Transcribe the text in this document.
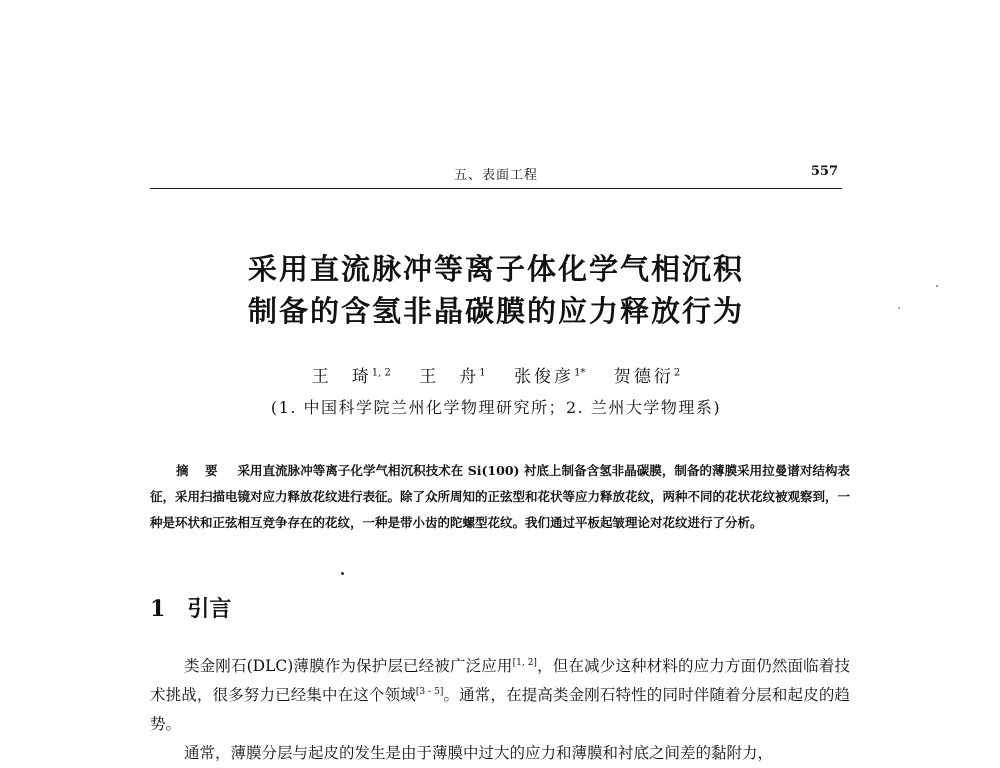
五、表面工程	557
采用直流脉冲等离子体化学气相沉积
制备的含氢非晶碳膜的应力释放行为
王　琦$^{1, 2}$ 王　舟$^1$ 张俊彦$^{1*}$ 贺德衍$^2$
(1. 中国科学院兰州化学物理研究所；2. 兰州大学物理系)
摘 要 采用直流脉冲等离子化学气相沉积技术在 Si(100) 衬底上制备含氢非晶碳膜，制备的薄膜采用拉曼谱对结构表征，采用扫描电镜对应力释放花纹进行表征。除了众所周知的正弦型和花状等应力释放花纹，两种不同的花状花纹被观察到，一种是环状和正弦相互竞争存在的花纹，一种是带小齿的陀螺型花纹。我们通过平板起皱理论对花纹进行了分析。
1 引言

类金刚石(DLC)薄膜作为保护层已经被广泛应用[1, 2]，但在减少这种材料的应力方面仍然面临着技术挑战，很多努力已经集中在这个领域[3 - 5]。通常，在提高类金刚石特性的同时伴随着分层和起皮的趋势。

通常，薄膜分层与起皮的发生是由于薄膜中过大的应力和薄膜和衬底之间差的黏附力，
